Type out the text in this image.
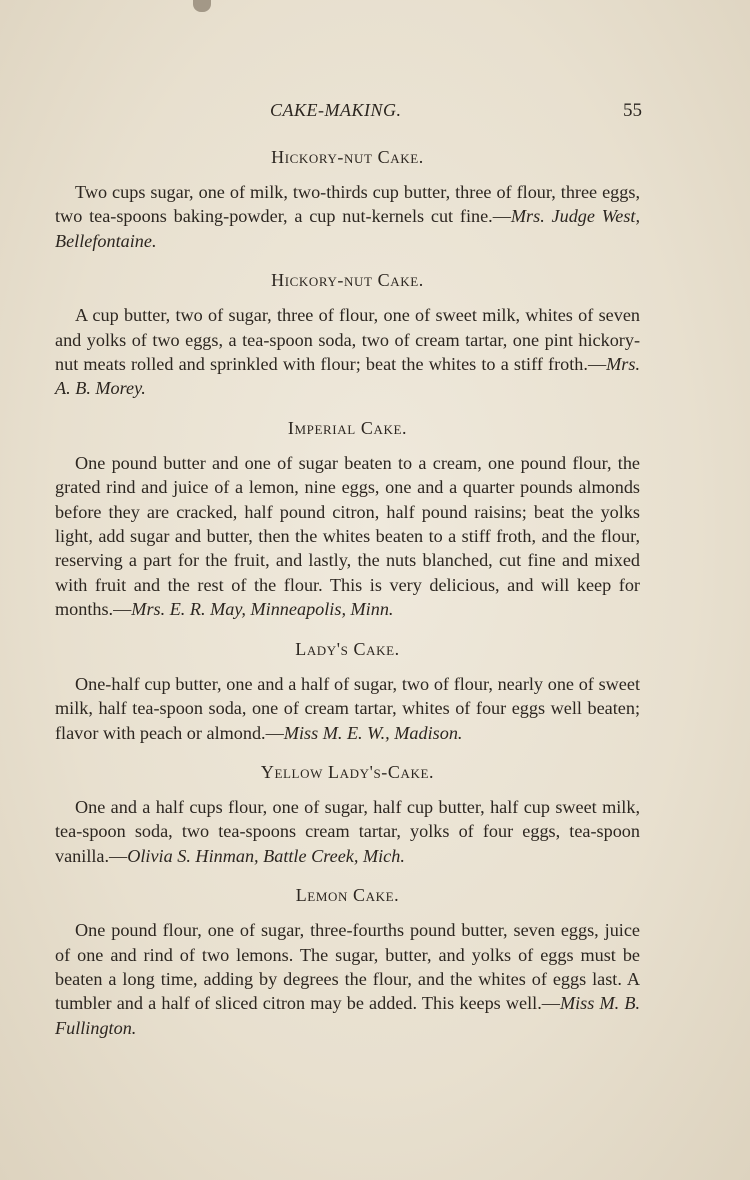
CAKE-MAKING.	55
Hickory-nut Cake.

Two cups sugar, one of milk, two-thirds cup butter, three of flour, three eggs, two tea-spoons baking-powder, a cup nut-kernels cut fine.—Mrs. Judge West, Bellefontaine.

Hickory-nut Cake.

A cup butter, two of sugar, three of flour, one of sweet milk, whites of seven and yolks of two eggs, a tea-spoon soda, two of cream tartar, one pint hickory-nut meats rolled and sprinkled with flour; beat the whites to a stiff froth.—Mrs. A. B. Morey.

Imperial Cake.

One pound butter and one of sugar beaten to a cream, one pound flour, the grated rind and juice of a lemon, nine eggs, one and a quarter pounds almonds before they are cracked, half pound citron, half pound raisins; beat the yolks light, add sugar and butter, then the whites beaten to a stiff froth, and the flour, reserving a part for the fruit, and lastly, the nuts blanched, cut fine and mixed with fruit and the rest of the flour. This is very delicious, and will keep for months.—Mrs. E. R. May, Minneapolis, Minn.

Lady's Cake.

One-half cup butter, one and a half of sugar, two of flour, nearly one of sweet milk, half tea-spoon soda, one of cream tartar, whites of four eggs well beaten; flavor with peach or almond.—Miss M. E. W., Madison.

Yellow Lady's-Cake.

One and a half cups flour, one of sugar, half cup butter, half cup sweet milk, tea-spoon soda, two tea-spoons cream tartar, yolks of four eggs, tea-spoon vanilla.—Olivia S. Hinman, Battle Creek, Mich.

Lemon Cake.

One pound flour, one of sugar, three-fourths pound butter, seven eggs, juice of one and rind of two lemons. The sugar, butter, and yolks of eggs must be beaten a long time, adding by degrees the flour, and the whites of eggs last. A tumbler and a half of sliced citron may be added. This keeps well.—Miss M. B. Fullington.
